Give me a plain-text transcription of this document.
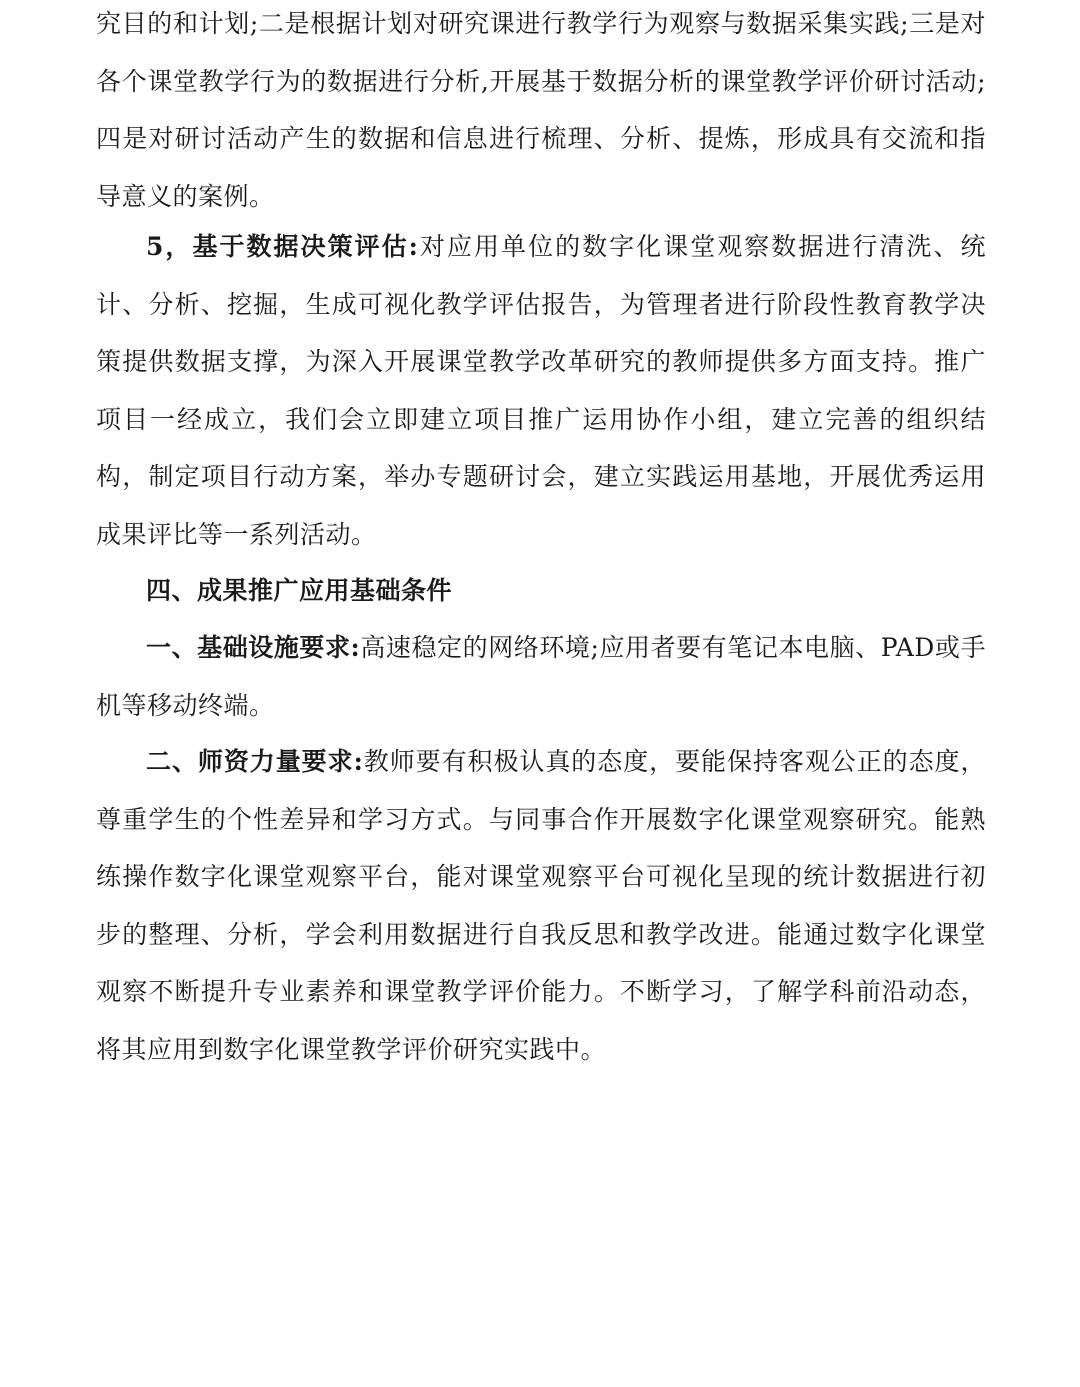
究目的和计划;二是根据计划对研究课进行教学行为观察与数据采集实践;三是对各个课堂教学行为的数据进行分析,开展基于数据分析的课堂教学评价研讨活动;四是对研讨活动产生的数据和信息进行梳理、分析、提炼，形成具有交流和指导意义的案例。

5，基于数据决策评估:对应用单位的数字化课堂观察数据进行清洗、统计、分析、挖掘，生成可视化教学评估报告，为管理者进行阶段性教育教学决策提供数据支撑，为深入开展课堂教学改革研究的教师提供多方面支持。推广项目一经成立，我们会立即建立项目推广运用协作小组，建立完善的组织结构，制定项目行动方案，举办专题研讨会，建立实践运用基地，开展优秀运用成果评比等一系列活动。

四、成果推广应用基础条件

一、基础设施要求:高速稳定的网络环境;应用者要有笔记本电脑、PAD或手机等移动终端。

二、师资力量要求:教师要有积极认真的态度，要能保持客观公正的态度，尊重学生的个性差异和学习方式。与同事合作开展数字化课堂观察研究。能熟练操作数字化课堂观察平台，能对课堂观察平台可视化呈现的统计数据进行初步的整理、分析，学会利用数据进行自我反思和教学改进。能通过数字化课堂观察不断提升专业素养和课堂教学评价能力。不断学习，了解学科前沿动态，将其应用到数字化课堂教学评价研究实践中。
